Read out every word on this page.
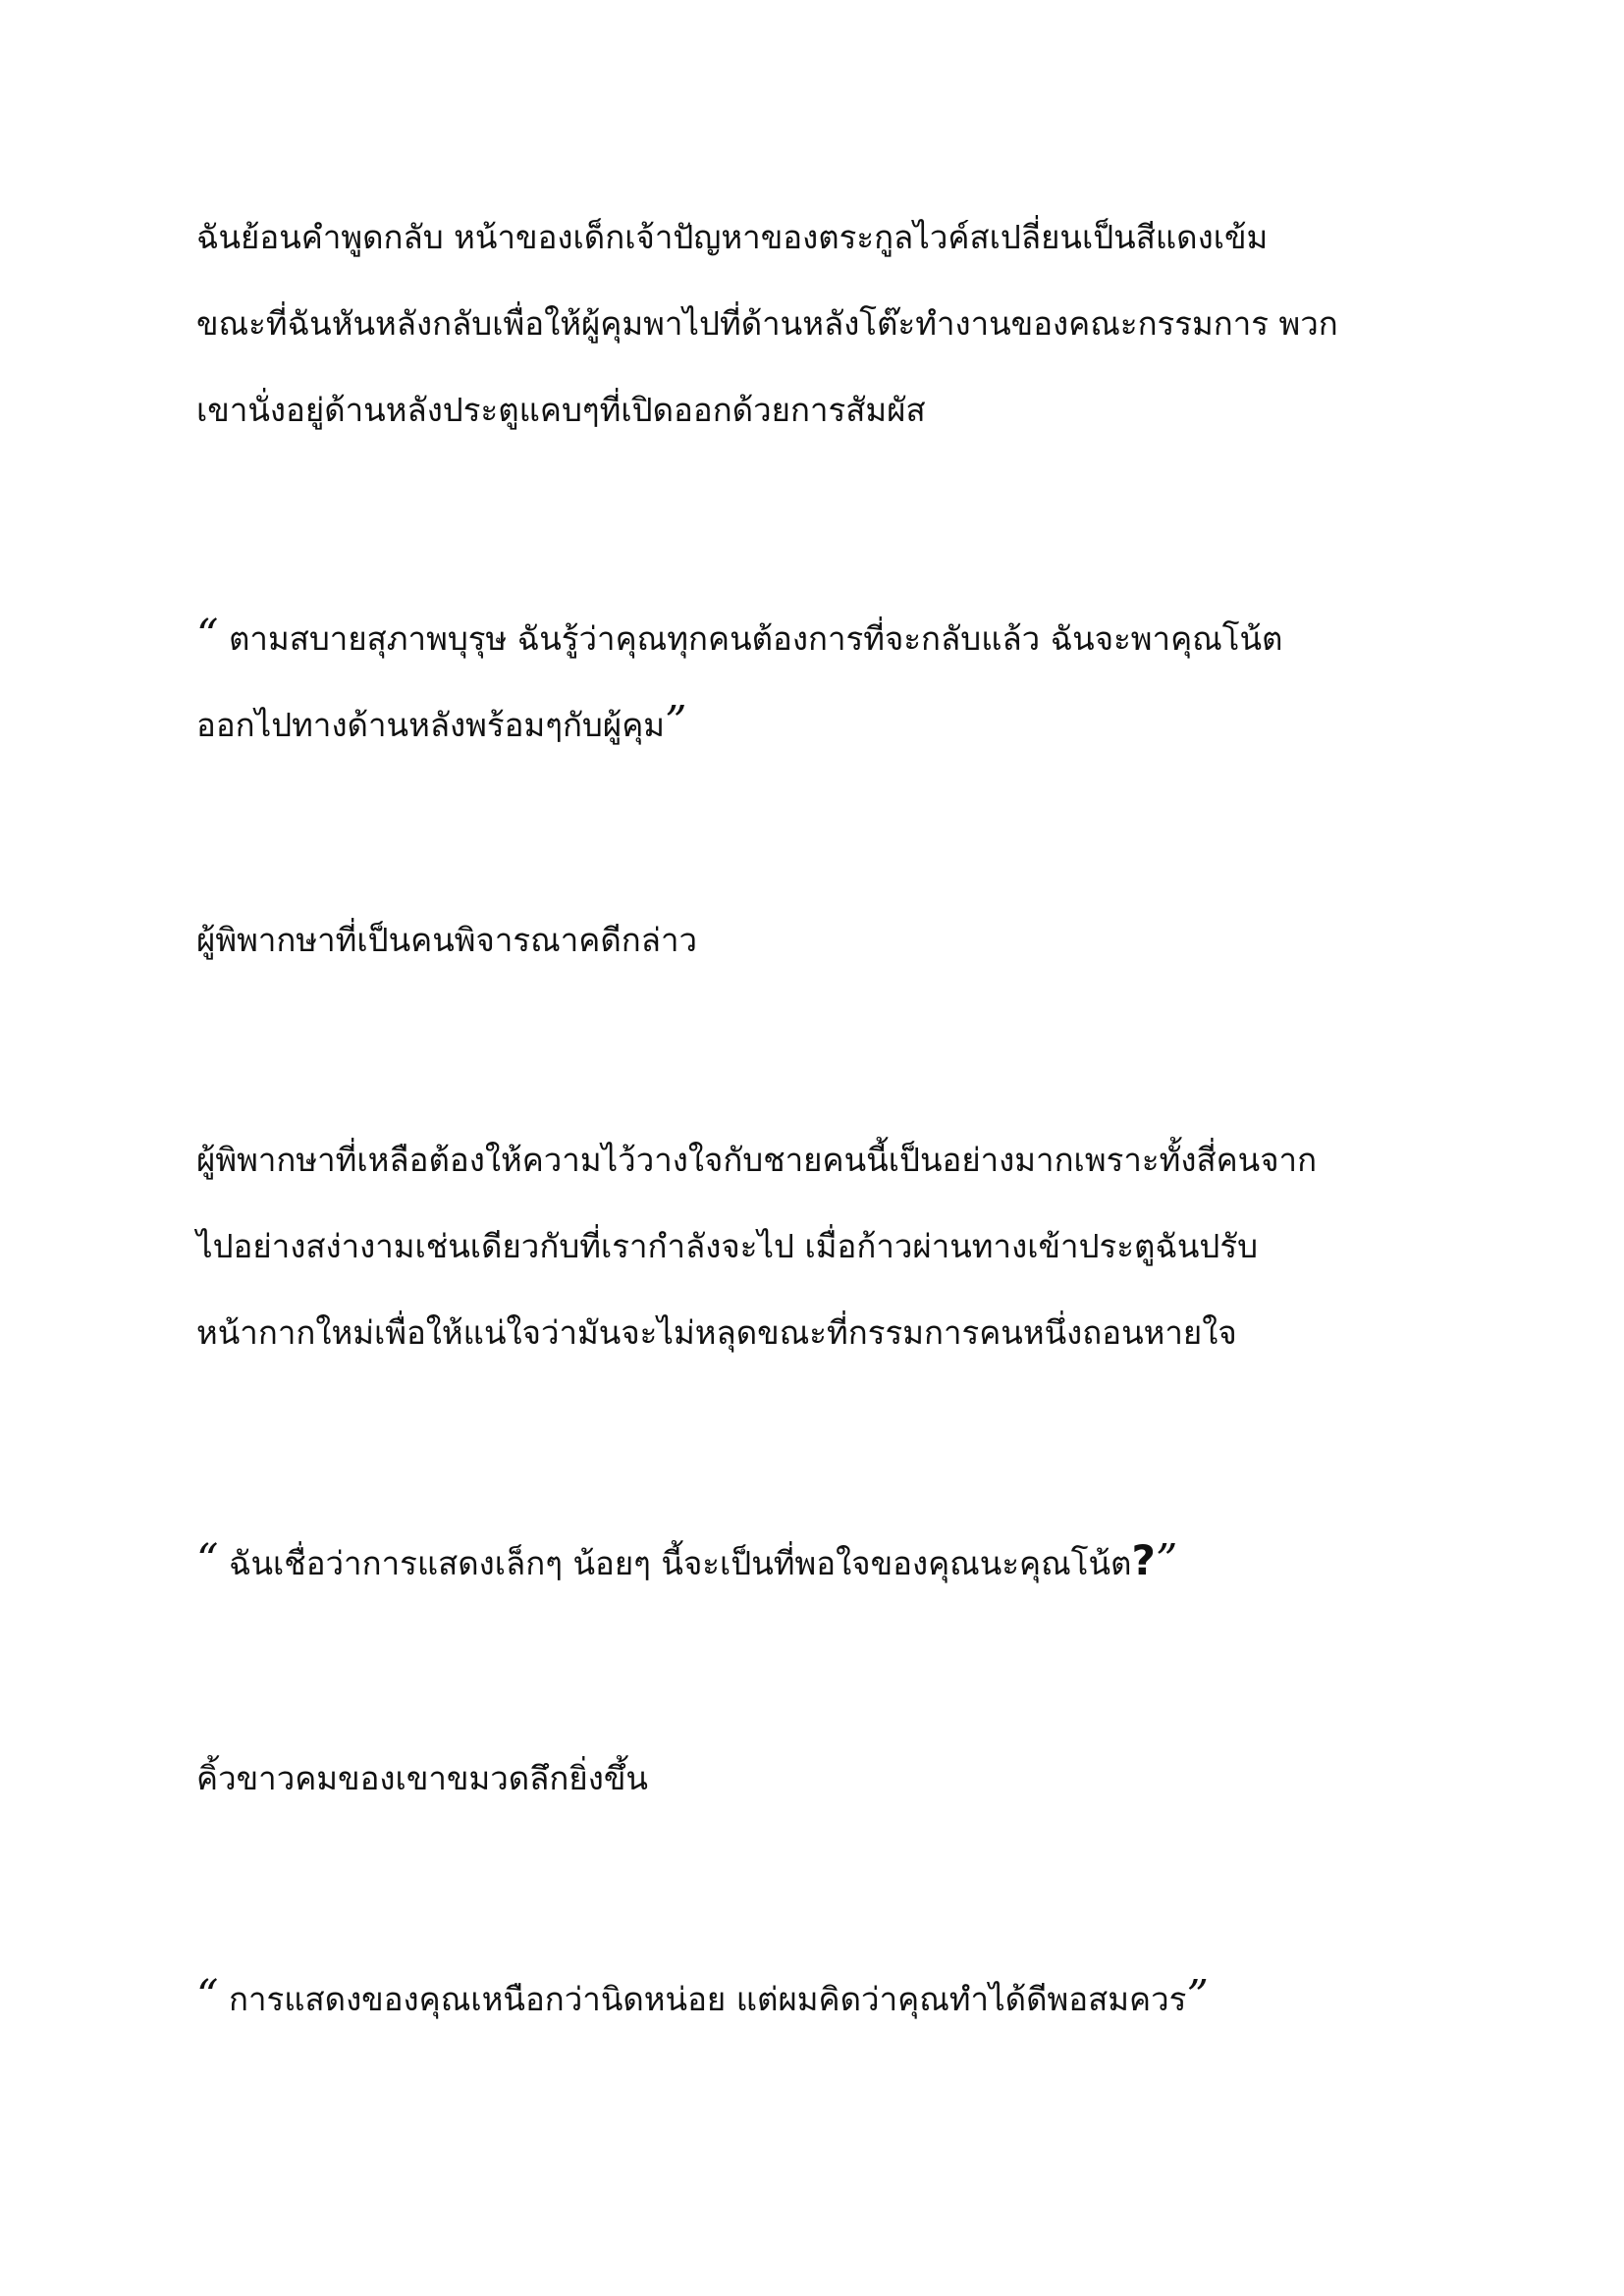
ฉันย้อนคำพูดกลับ หน้าของเด็กเจ้าปัญหาของตระกูลไวค์สเปลี่ยนเป็นสีแดงเข้ม
ขณะที่ฉันหันหลังกลับเพื่อให้ผู้คุมพาไปที่ด้านหลังโต๊ะทำงานของคณะกรรมการ พวก
เขานั่งอยู่ด้านหลังประตูแคบๆที่เปิดออกด้วยการสัมผัส
“ ตามสบายสุภาพบุรุษ ฉันรู้ว่าคุณทุกคนต้องการที่จะกลับแล้ว ฉันจะพาคุณโน้ต
ออกไปทางด้านหลังพร้อมๆกับผู้คุม”
ผู้พิพากษาที่เป็นคนพิจารณาคดีกล่าว
ผู้พิพากษาที่เหลือต้องให้ความไว้วางใจกับชายคนนี้เป็นอย่างมากเพราะทั้งสี่คนจาก
ไปอย่างสง่างามเช่นเดียวกับที่เรากำลังจะไป เมื่อก้าวผ่านทางเข้าประตูฉันปรับ
หน้ากากใหม่เพื่อให้แน่ใจว่ามันจะไม่หลุดขณะที่กรรมการคนหนึ่งถอนหายใจ
“ ฉันเชื่อว่าการแสดงเล็กๆ น้อยๆ นี้จะเป็นที่พอใจของคุณนะคุณโน้ต?”
คิ้วขาวคมของเขาขมวดลึกยิ่งขึ้น
“ การแสดงของคุณเหนือกว่านิดหน่อย แต่ผมคิดว่าคุณทำได้ดีพอสมควร”
